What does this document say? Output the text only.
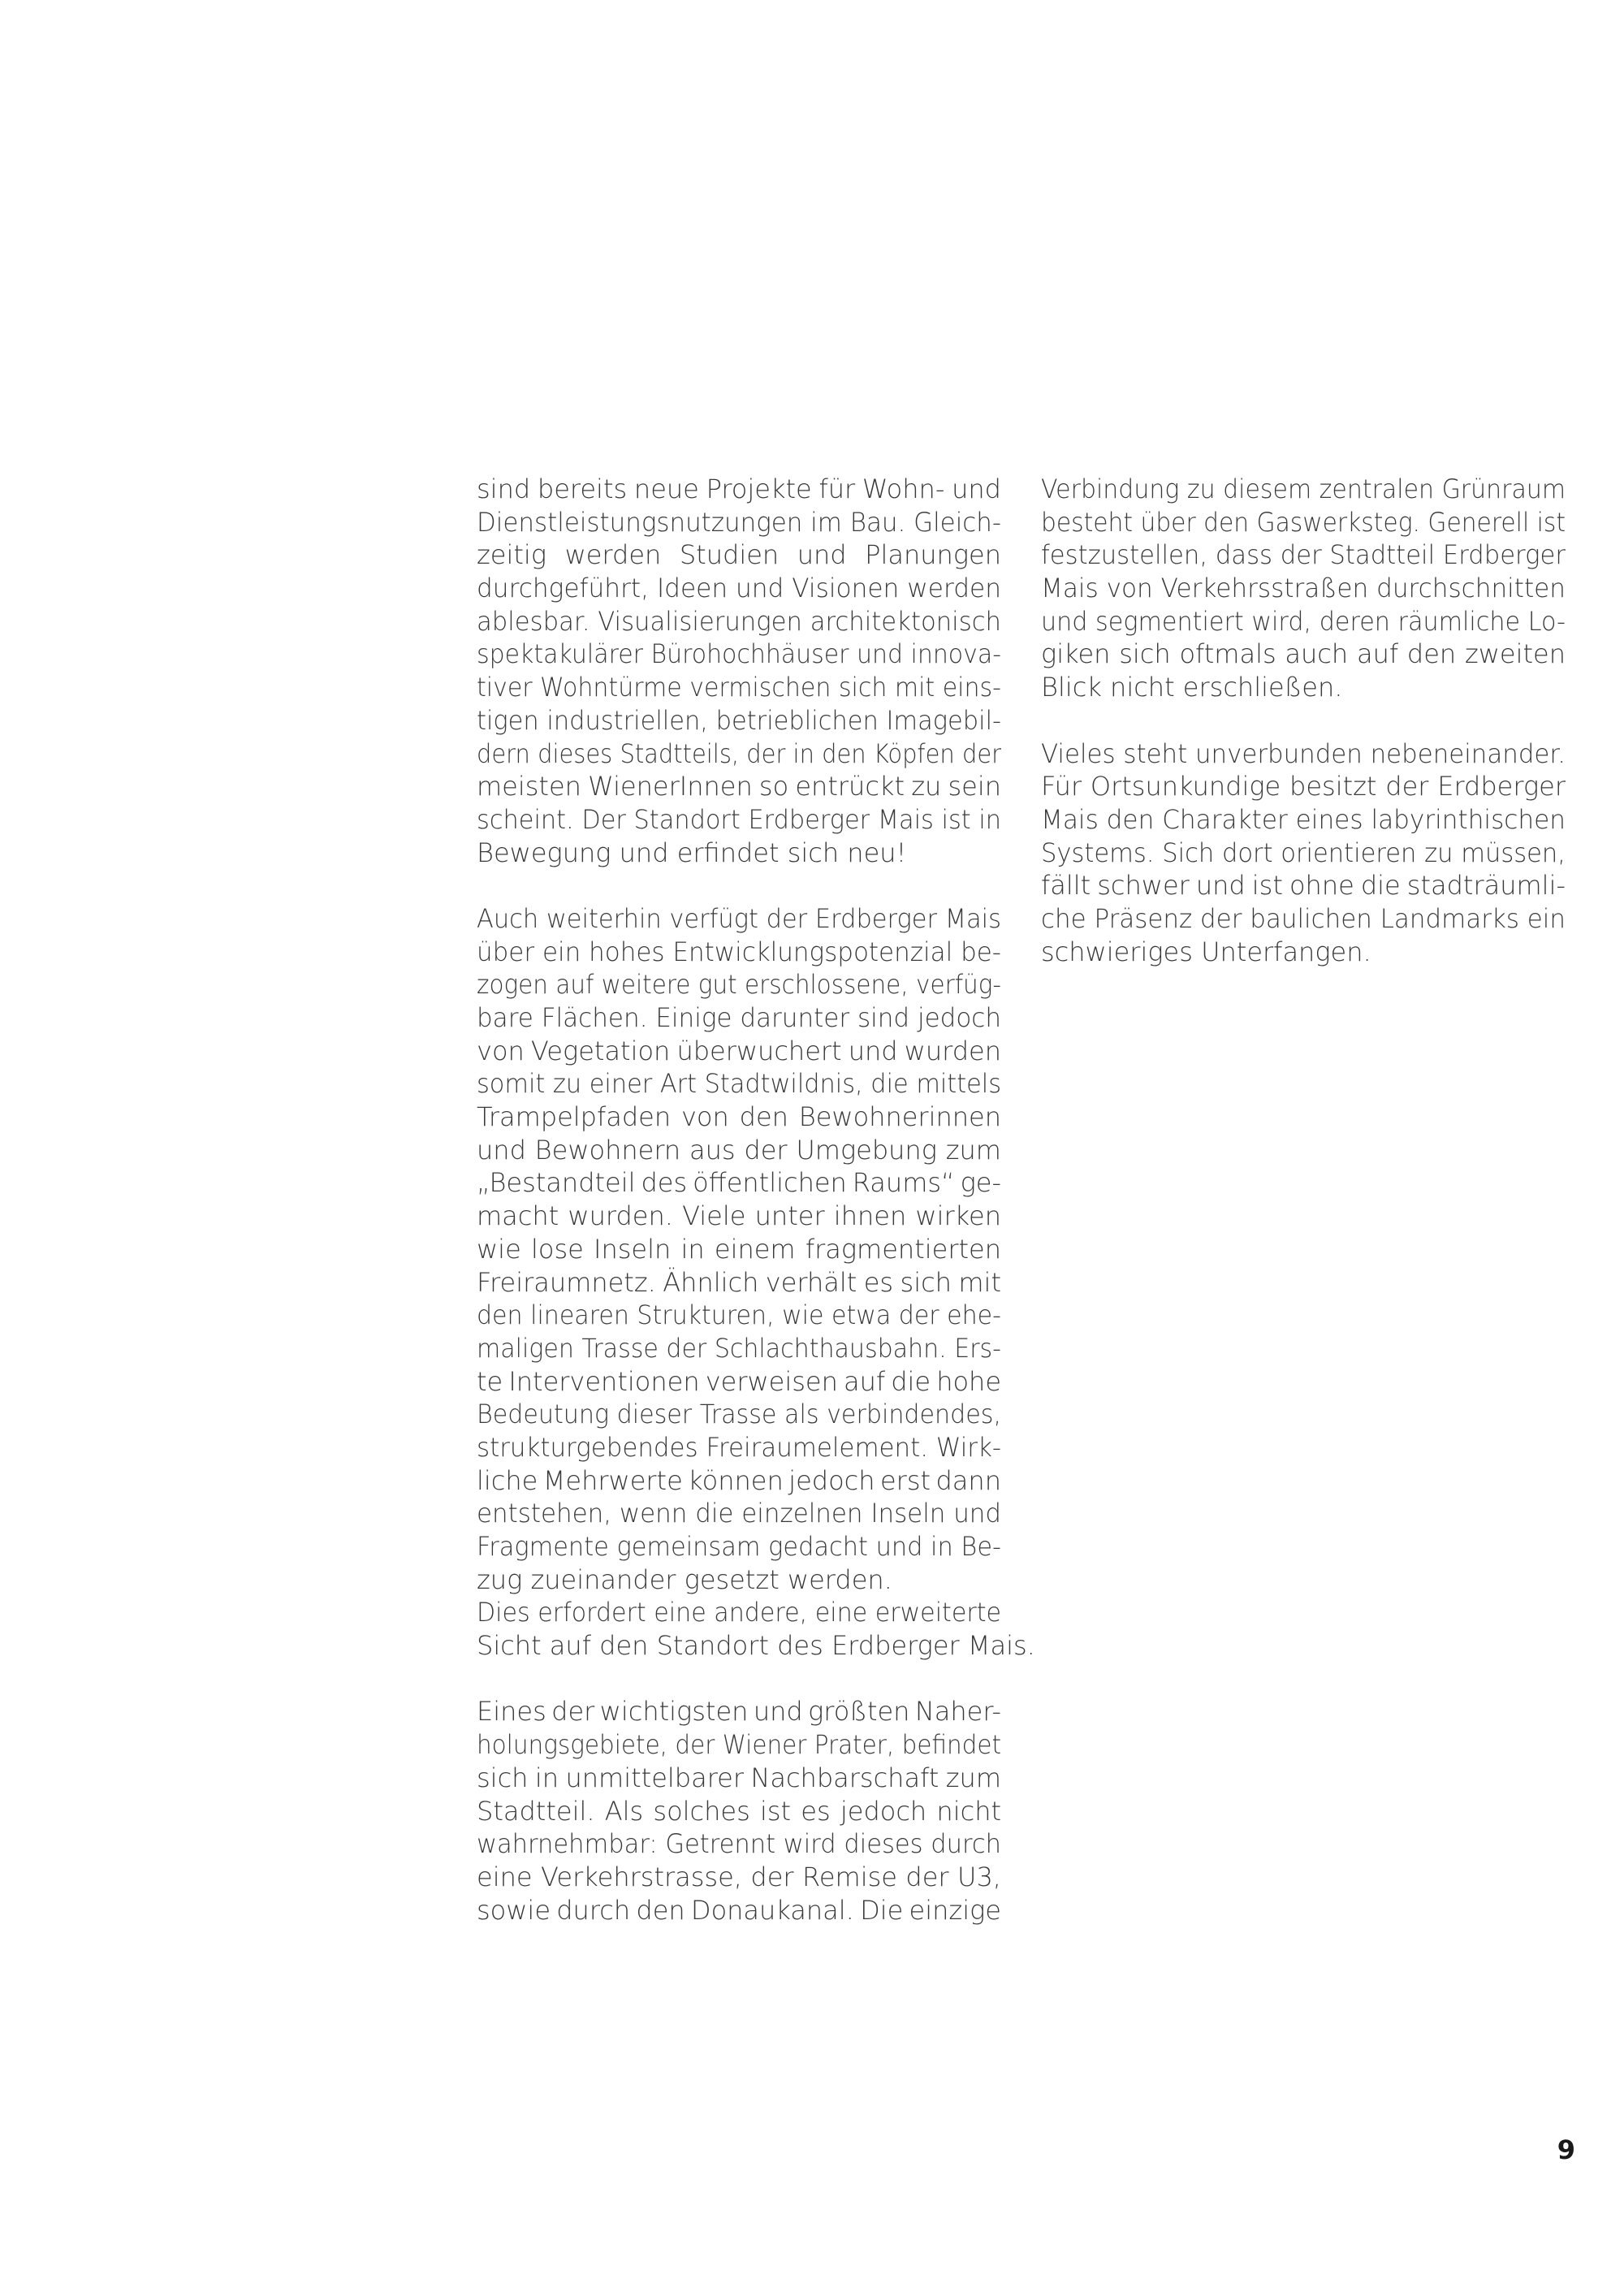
sind bereits neue Projekte für Wohn- und
Dienstleistungsnutzungen im Bau. Gleich-
zeitig werden Studien und Planungen
durchgeführt, Ideen und Visionen werden
ablesbar. Visualisierungen architektonisch
spektakulärer Bürohochhäuser und innova-
tiver Wohntürme vermischen sich mit eins-
tigen industriellen, betrieblichen Imagebil-
dern dieses Stadtteils, der in den Köpfen der
meisten WienerInnen so entrückt zu sein
scheint. Der Standort Erdberger Mais ist in
Bewegung und erfindet sich neu!
Auch weiterhin verfügt der Erdberger Mais
über ein hohes Entwicklungspotenzial be-
zogen auf weitere gut erschlossene, verfüg-
bare Flächen. Einige darunter sind jedoch
von Vegetation überwuchert und wurden
somit zu einer Art Stadtwildnis, die mittels
Trampelpfaden von den Bewohnerinnen
und Bewohnern aus der Umgebung zum
„Bestandteil des öffentlichen Raums“ ge-
macht wurden. Viele unter ihnen wirken
wie lose Inseln in einem fragmentierten
Freiraumnetz. Ähnlich verhält es sich mit
den linearen Strukturen, wie etwa der ehe-
maligen Trasse der Schlachthausbahn. Ers-
te Interventionen verweisen auf die hohe
Bedeutung dieser Trasse als verbindendes,
strukturgebendes Freiraumelement. Wirk-
liche Mehrwerte können jedoch erst dann
entstehen, wenn die einzelnen Inseln und
Fragmente gemeinsam gedacht und in Be-
zug zueinander gesetzt werden.
Dies erfordert eine andere, eine erweiterte
Sicht auf den Standort des Erdberger Mais.
Eines der wichtigsten und größten Naher-
holungsgebiete, der Wiener Prater, befindet
sich in unmittelbarer Nachbarschaft zum
Stadtteil. Als solches ist es jedoch nicht
wahrnehmbar: Getrennt wird dieses durch
eine Verkehrstrasse, der Remise der U3,
sowie durch den Donaukanal. Die einzige
Verbindung zu diesem zentralen Grünraum
besteht über den Gaswerksteg. Generell ist
festzustellen, dass der Stadtteil Erdberger
Mais von Verkehrsstraßen durchschnitten
und segmentiert wird, deren räumliche Lo-
giken sich oftmals auch auf den zweiten
Blick nicht erschließen.
Vieles steht unverbunden nebeneinander.
Für Ortsunkundige besitzt der Erdberger
Mais den Charakter eines labyrinthischen
Systems. Sich dort orientieren zu müssen,
fällt schwer und ist ohne die stadträumli-
che Präsenz der baulichen Landmarks ein
schwieriges Unterfangen.
9
